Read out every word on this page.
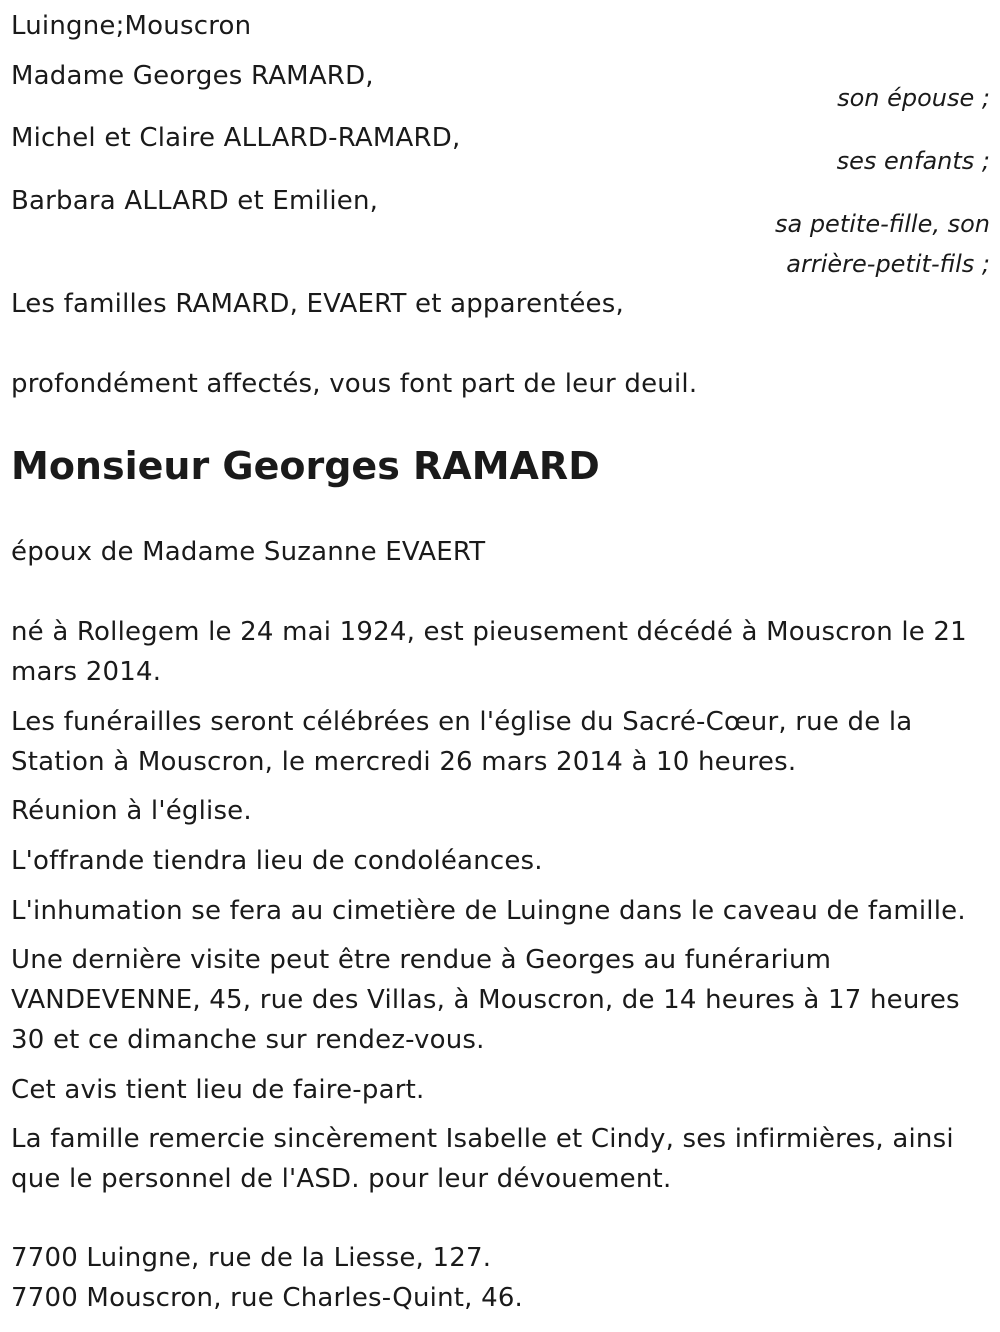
Luingne;Mouscron
Madame Georges RAMARD,
son épouse ;
Michel et Claire ALLARD-RAMARD,
ses enfants ;
Barbara ALLARD et Emilien,
sa petite-fille, son
arrière-petit-fils ;
Les familles RAMARD, EVAERT et apparentées,
profondément affectés, vous font part de leur deuil.
Monsieur Georges RAMARD
époux de Madame Suzanne EVAERT
né à Rollegem le 24 mai 1924, est pieusement décédé à Mouscron le 21 mars 2014.
Les funérailles seront célébrées en l'église du Sacré-Cœur, rue de la Station à Mouscron, le mercredi 26 mars 2014 à 10 heures.
Réunion à l'église.
L'offrande tiendra lieu de condoléances.
L'inhumation se fera au cimetière de Luingne dans le caveau de famille.
Une dernière visite peut être rendue à Georges au funérarium VANDEVENNE, 45, rue des Villas, à Mouscron, de 14 heures à 17 heures 30 et ce dimanche sur rendez-vous.
Cet avis tient lieu de faire-part.
La famille remercie sincèrement Isabelle et Cindy, ses infirmières, ainsi que le personnel de l'ASD. pour leur dévouement.
7700 Luingne, rue de la Liesse, 127.
7700 Mouscron, rue Charles-Quint, 46.
